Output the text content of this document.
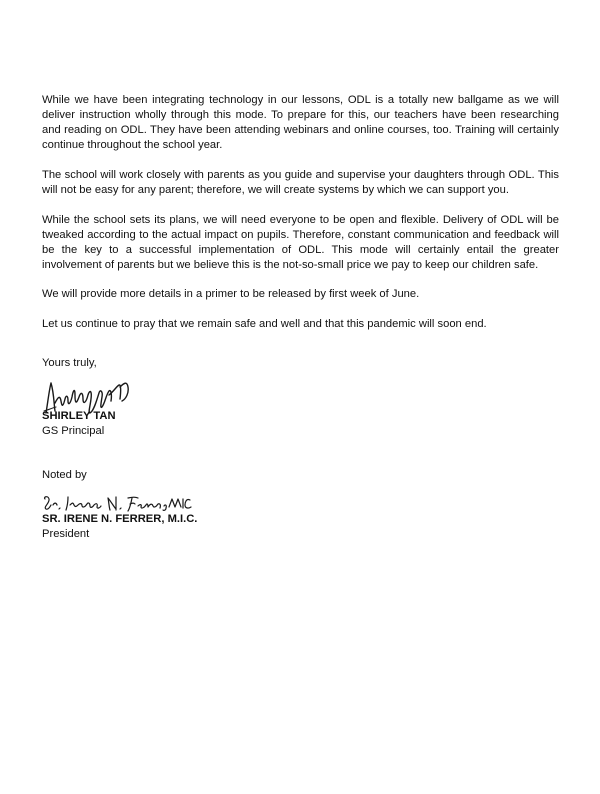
While we have been integrating technology in our lessons, ODL is a totally new ballgame as we will deliver instruction wholly through this mode. To prepare for this, our teachers have been researching and reading on ODL. They have been attending webinars and online courses, too. Training will certainly continue throughout the school year.

The school will work closely with parents as you guide and supervise your daughters through ODL. This will not be easy for any parent; therefore, we will create systems by which we can support you.

While the school sets its plans, we will need everyone to be open and flexible. Delivery of ODL will be tweaked according to the actual impact on pupils. Therefore, constant communication and feedback will be the key to a successful implementation of ODL. This mode will certainly entail the greater involvement of parents but we believe this is the not-so-small price we pay to keep our children safe.

We will provide more details in a primer to be released by first week of June.

Let us continue to pray that we remain safe and well and that this pandemic will soon end.

Yours truly,

SHIRLEY TAN

GS Principal

Noted by

SR. IRENE N. FERRER, M.I.C.

President
